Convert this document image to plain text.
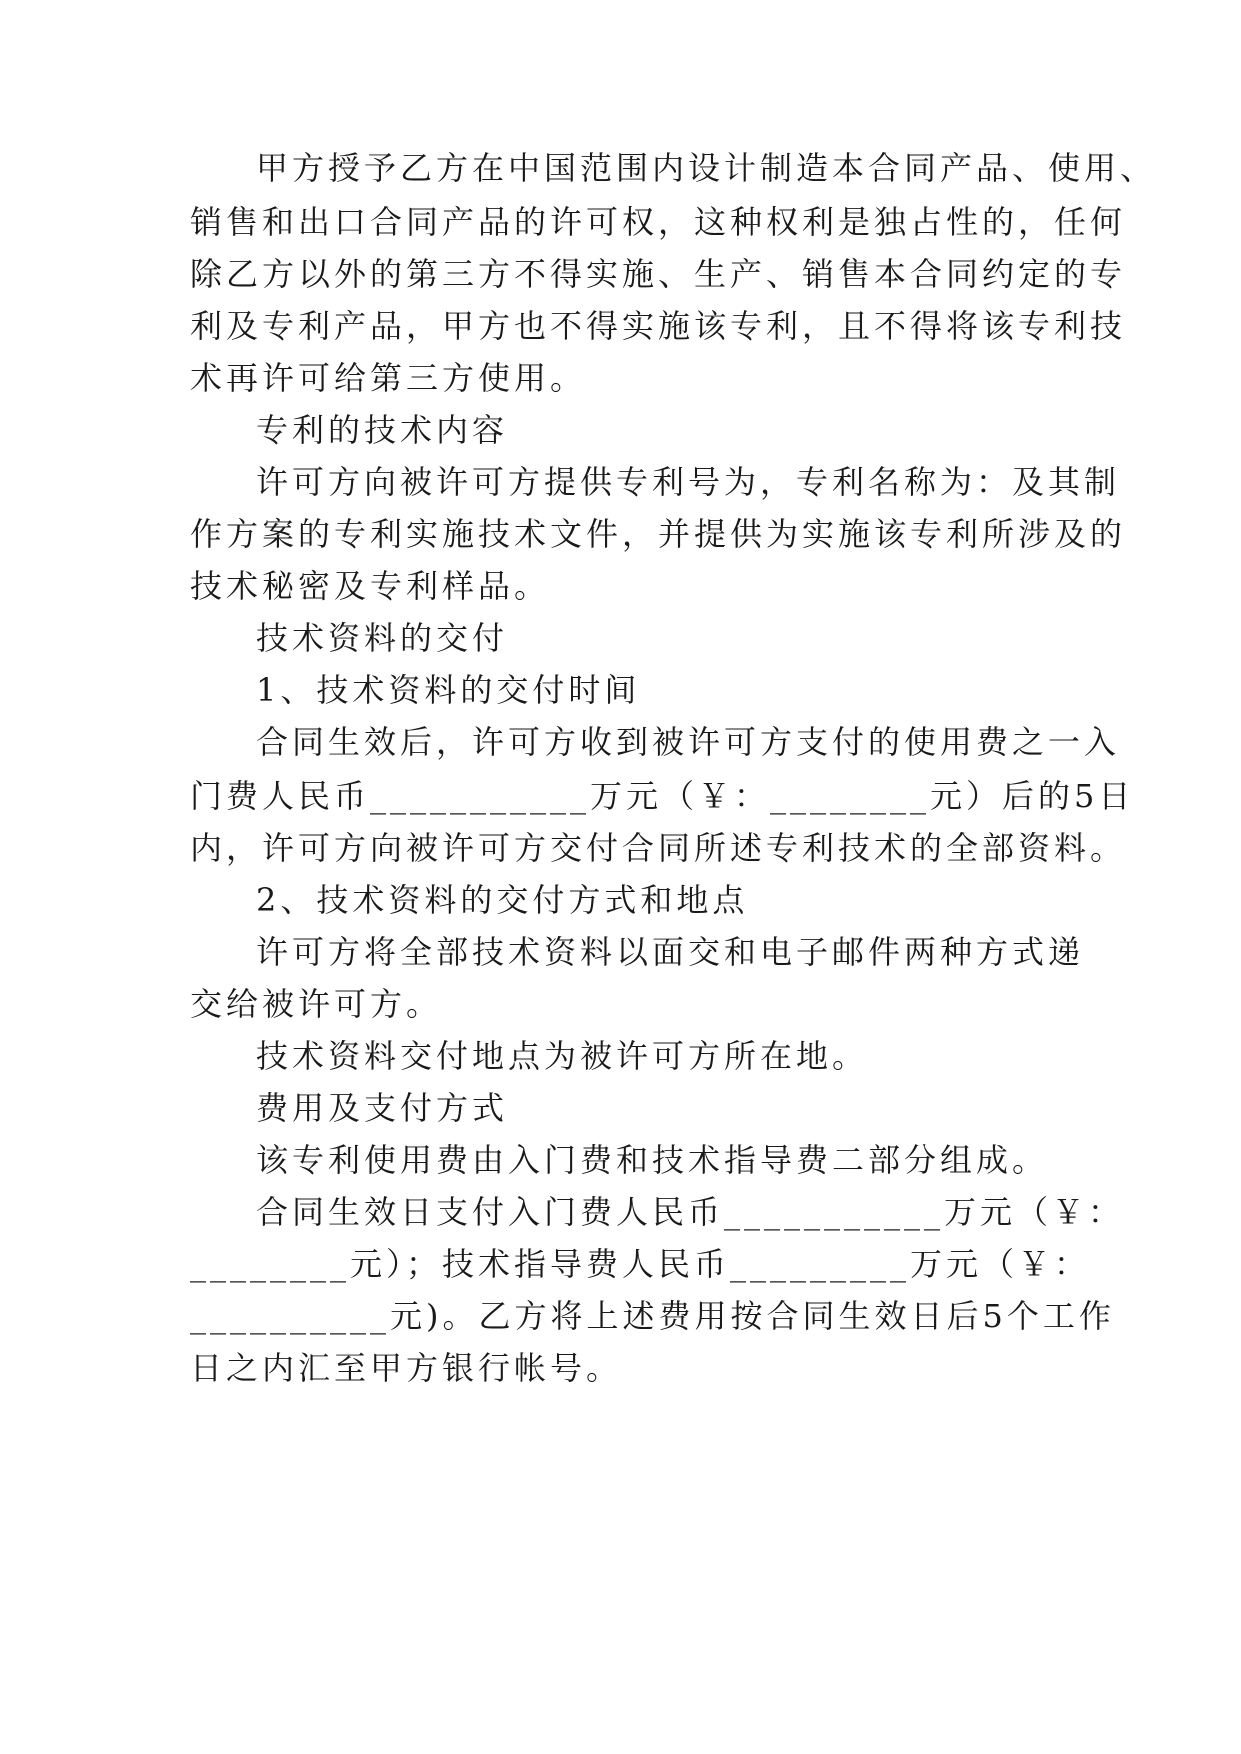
甲方授予乙方在中国范围内设计制造本合同产品、使用、
销售和出口合同产品的许可权，这种权利是独占性的，任何
除乙方以外的第三方不得实施、生产、销售本合同约定的专
利及专利产品，甲方也不得实施该专利，且不得将该专利技
术再许可给第三方使用。
专利的技术内容
许可方向被许可方提供专利号为，专利名称为：及其制
作方案的专利实施技术文件，并提供为实施该专利所涉及的
技术秘密及专利样品。
技术资料的交付
1、技术资料的交付时间
合同生效后，许可方收到被许可方支付的使用费之一入
门费人民币___________万元（￥：________元）后的5日
内，许可方向被许可方交付合同所述专利技术的全部资料。
2、技术资料的交付方式和地点
许可方将全部技术资料以面交和电子邮件两种方式递
交给被许可方。
技术资料交付地点为被许可方所在地。
费用及支付方式
该专利使用费由入门费和技术指导费二部分组成。
合同生效日支付入门费人民币___________万元（￥：
________元）；技术指导费人民币_________万元（￥：
__________元)。乙方将上述费用按合同生效日后5个工作
日之内汇至甲方银行帐号。
